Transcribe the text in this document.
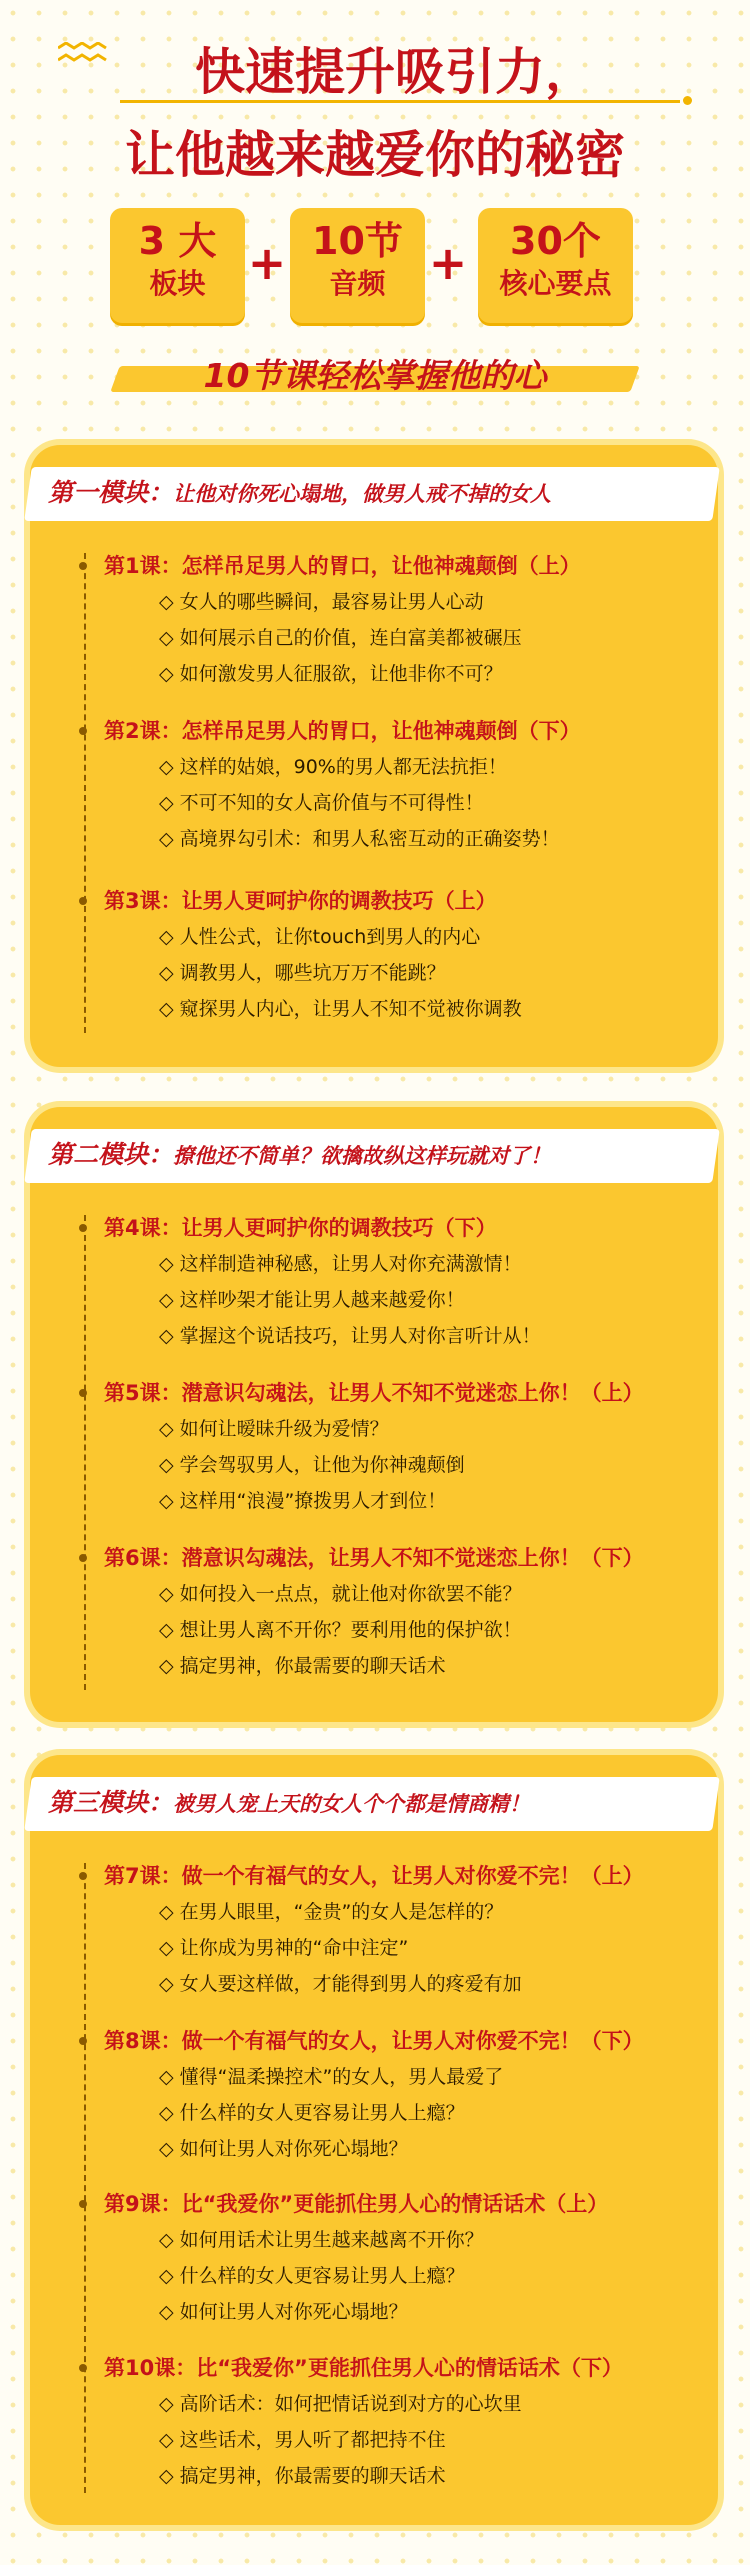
快速提升吸引力，
让他越来越爱你的秘密
3 大
板块 + 10节
音频 +	30个
核心要点
10节课轻松掌握他的心
第一模块：让他对你死心塌地，做男人戒不掉的女人
第1课：怎样吊足男人的胃口，让他神魂颠倒（上）
◇ 女人的哪些瞬间，最容易让男人心动
◇ 如何展示自己的价值，连白富美都被碾压
◇ 如何激发男人征服欲，让他非你不可？
第2课：怎样吊足男人的胃口，让他神魂颠倒（下）
◇ 这样的姑娘，90%的男人都无法抗拒！
◇ 不可不知的女人高价值与不可得性！
◇ 高境界勾引术：和男人私密互动的正确姿势！
第3课：让男人更呵护你的调教技巧（上）
◇ 人性公式，让你touch到男人的内心
◇ 调教男人，哪些坑万万不能跳？
◇ 窥探男人内心，让男人不知不觉被你调教
第二模块：撩他还不简单？欲擒故纵这样玩就对了！
第4课：让男人更呵护你的调教技巧（下）
◇ 这样制造神秘感，让男人对你充满激情！
◇ 这样吵架才能让男人越来越爱你！
◇ 掌握这个说话技巧，让男人对你言听计从！
第5课：潜意识勾魂法，让男人不知不觉迷恋上你！（上）
◇ 如何让暧昧升级为爱情？
◇ 学会驾驭男人，让他为你神魂颠倒
◇ 这样用“浪漫”撩拨男人才到位！
第6课：潜意识勾魂法，让男人不知不觉迷恋上你！（下）
◇ 如何投入一点点，就让他对你欲罢不能？
◇ 想让男人离不开你？要利用他的保护欲！
◇ 搞定男神，你最需要的聊天话术
第三模块：被男人宠上天的女人个个都是情商精！
第7课：做一个有福气的女人，让男人对你爱不完！（上）
◇ 在男人眼里，“金贵”的女人是怎样的？
◇ 让你成为男神的“命中注定”
◇ 女人要这样做，才能得到男人的疼爱有加
第8课：做一个有福气的女人，让男人对你爱不完！（下）
◇ 懂得“温柔操控术”的女人，男人最爱了
◇ 什么样的女人更容易让男人上瘾？
◇ 如何让男人对你死心塌地？
第9课：比“我爱你”更能抓住男人心的情话话术（上）
◇ 如何用话术让男生越来越离不开你？
◇ 什么样的女人更容易让男人上瘾？
◇ 如何让男人对你死心塌地？
第10课：比“我爱你”更能抓住男人心的情话话术（下）
◇ 高阶话术：如何把情话说到对方的心坎里
◇ 这些话术，男人听了都把持不住
◇ 搞定男神，你最需要的聊天话术
